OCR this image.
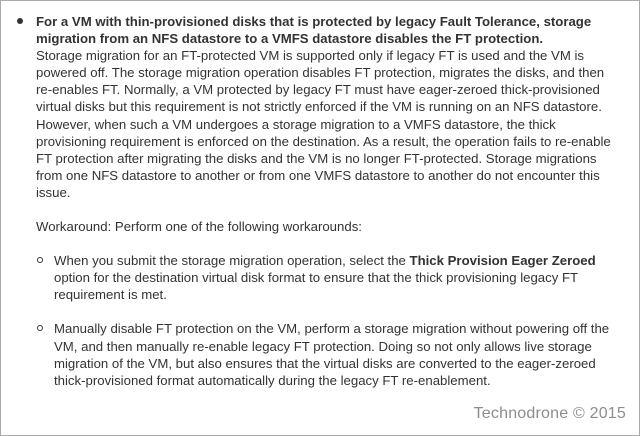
For a VM with thin-provisioned disks that is protected by legacy Fault Tolerance, storage migration from an NFS datastore to a VMFS datastore disables the FT protection.

Storage migration for an FT-protected VM is supported only if legacy FT is used and the VM is powered off. The storage migration operation disables FT protection, migrates the disks, and then re-enables FT. Normally, a VM protected by legacy FT must have eager-zeroed thick-provisioned virtual disks but this requirement is not strictly enforced if the VM is running on an NFS datastore. However, when such a VM undergoes a storage migration to a VMFS datastore, the thick provisioning requirement is enforced on the destination. As a result, the operation fails to re-enable FT protection after migrating the disks and the VM is no longer FT-protected. Storage migrations from one NFS datastore to another or from one VMFS datastore to another do not encounter this issue.

Workaround: Perform one of the following workarounds:

When you submit the storage migration operation, select the Thick Provision Eager Zeroed option for the destination virtual disk format to ensure that the thick provisioning legacy FT requirement is met.
Manually disable FT protection on the VM, perform a storage migration without powering off the VM, and then manually re-enable legacy FT protection. Doing so not only allows live storage migration of the VM, but also ensures that the virtual disks are converted to the eager-zeroed thick-provisioned format automatically during the legacy FT re-enablement.
Technodrone © 2015
